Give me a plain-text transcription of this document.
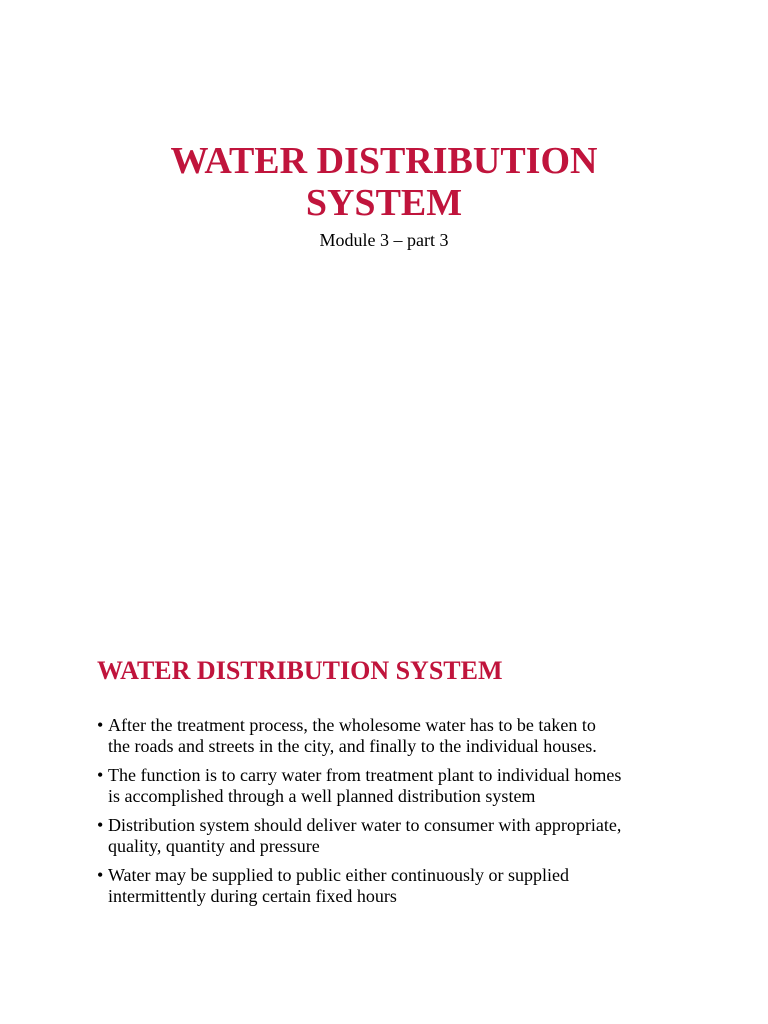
WATER DISTRIBUTION
SYSTEM

Module 3 – part 3

WATER DISTRIBUTION SYSTEM
• After the treatment process, the wholesome water has to be taken to
the roads and streets in the city, and finally to the individual houses.
• The function is to carry water from treatment plant to individual homes
is accomplished through a well planned distribution system
• Distribution system should deliver water to consumer with appropriate,
quality, quantity and pressure
• Water may be supplied to public either continuously or supplied
intermittently during certain fixed hours
